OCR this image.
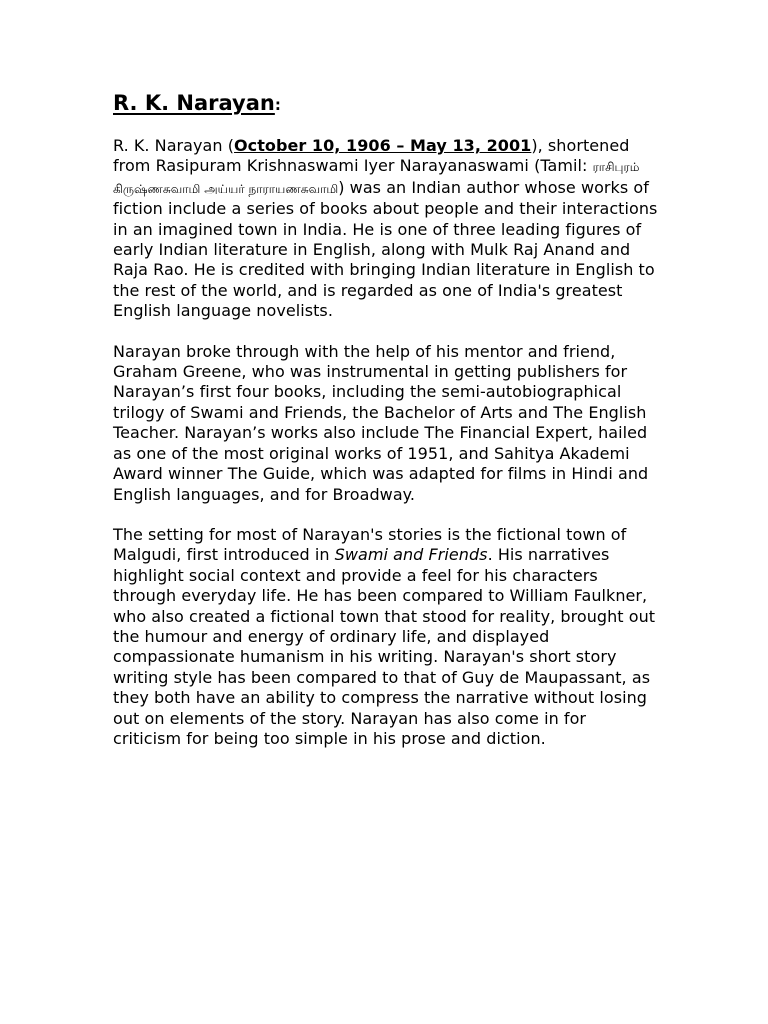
R. K. Narayan:

R. K. Narayan (October 10, 1906 – May 13, 2001), shortened from Rasipuram Krishnaswami Iyer Narayanaswami (Tamil: ராசிபுரம் கிருஷ்ணசுவாமி அய்யர் நாராயணசுவாமி) was an Indian author whose works of fiction include a series of books about people and their interactions in an imagined town in India. He is one of three leading figures of early Indian literature in English, along with Mulk Raj Anand and Raja Rao. He is credited with bringing Indian literature in English to the rest of the world, and is regarded as one of India's greatest English language novelists.

Narayan broke through with the help of his mentor and friend, Graham Greene, who was instrumental in getting publishers for Narayan’s first four books, including the semi-autobiographical trilogy of Swami and Friends, the Bachelor of Arts and The English Teacher. Narayan’s works also include The Financial Expert, hailed as one of the most original works of 1951, and Sahitya Akademi Award winner The Guide, which was adapted for films in Hindi and English languages, and for Broadway.

The setting for most of Narayan's stories is the fictional town of Malgudi, first introduced in Swami and Friends. His narratives highlight social context and provide a feel for his characters through everyday life. He has been compared to William Faulkner, who also created a fictional town that stood for reality, brought out the humour and energy of ordinary life, and displayed compassionate humanism in his writing. Narayan's short story writing style has been compared to that of Guy de Maupassant, as they both have an ability to compress the narrative without losing out on elements of the story. Narayan has also come in for criticism for being too simple in his prose and diction.
